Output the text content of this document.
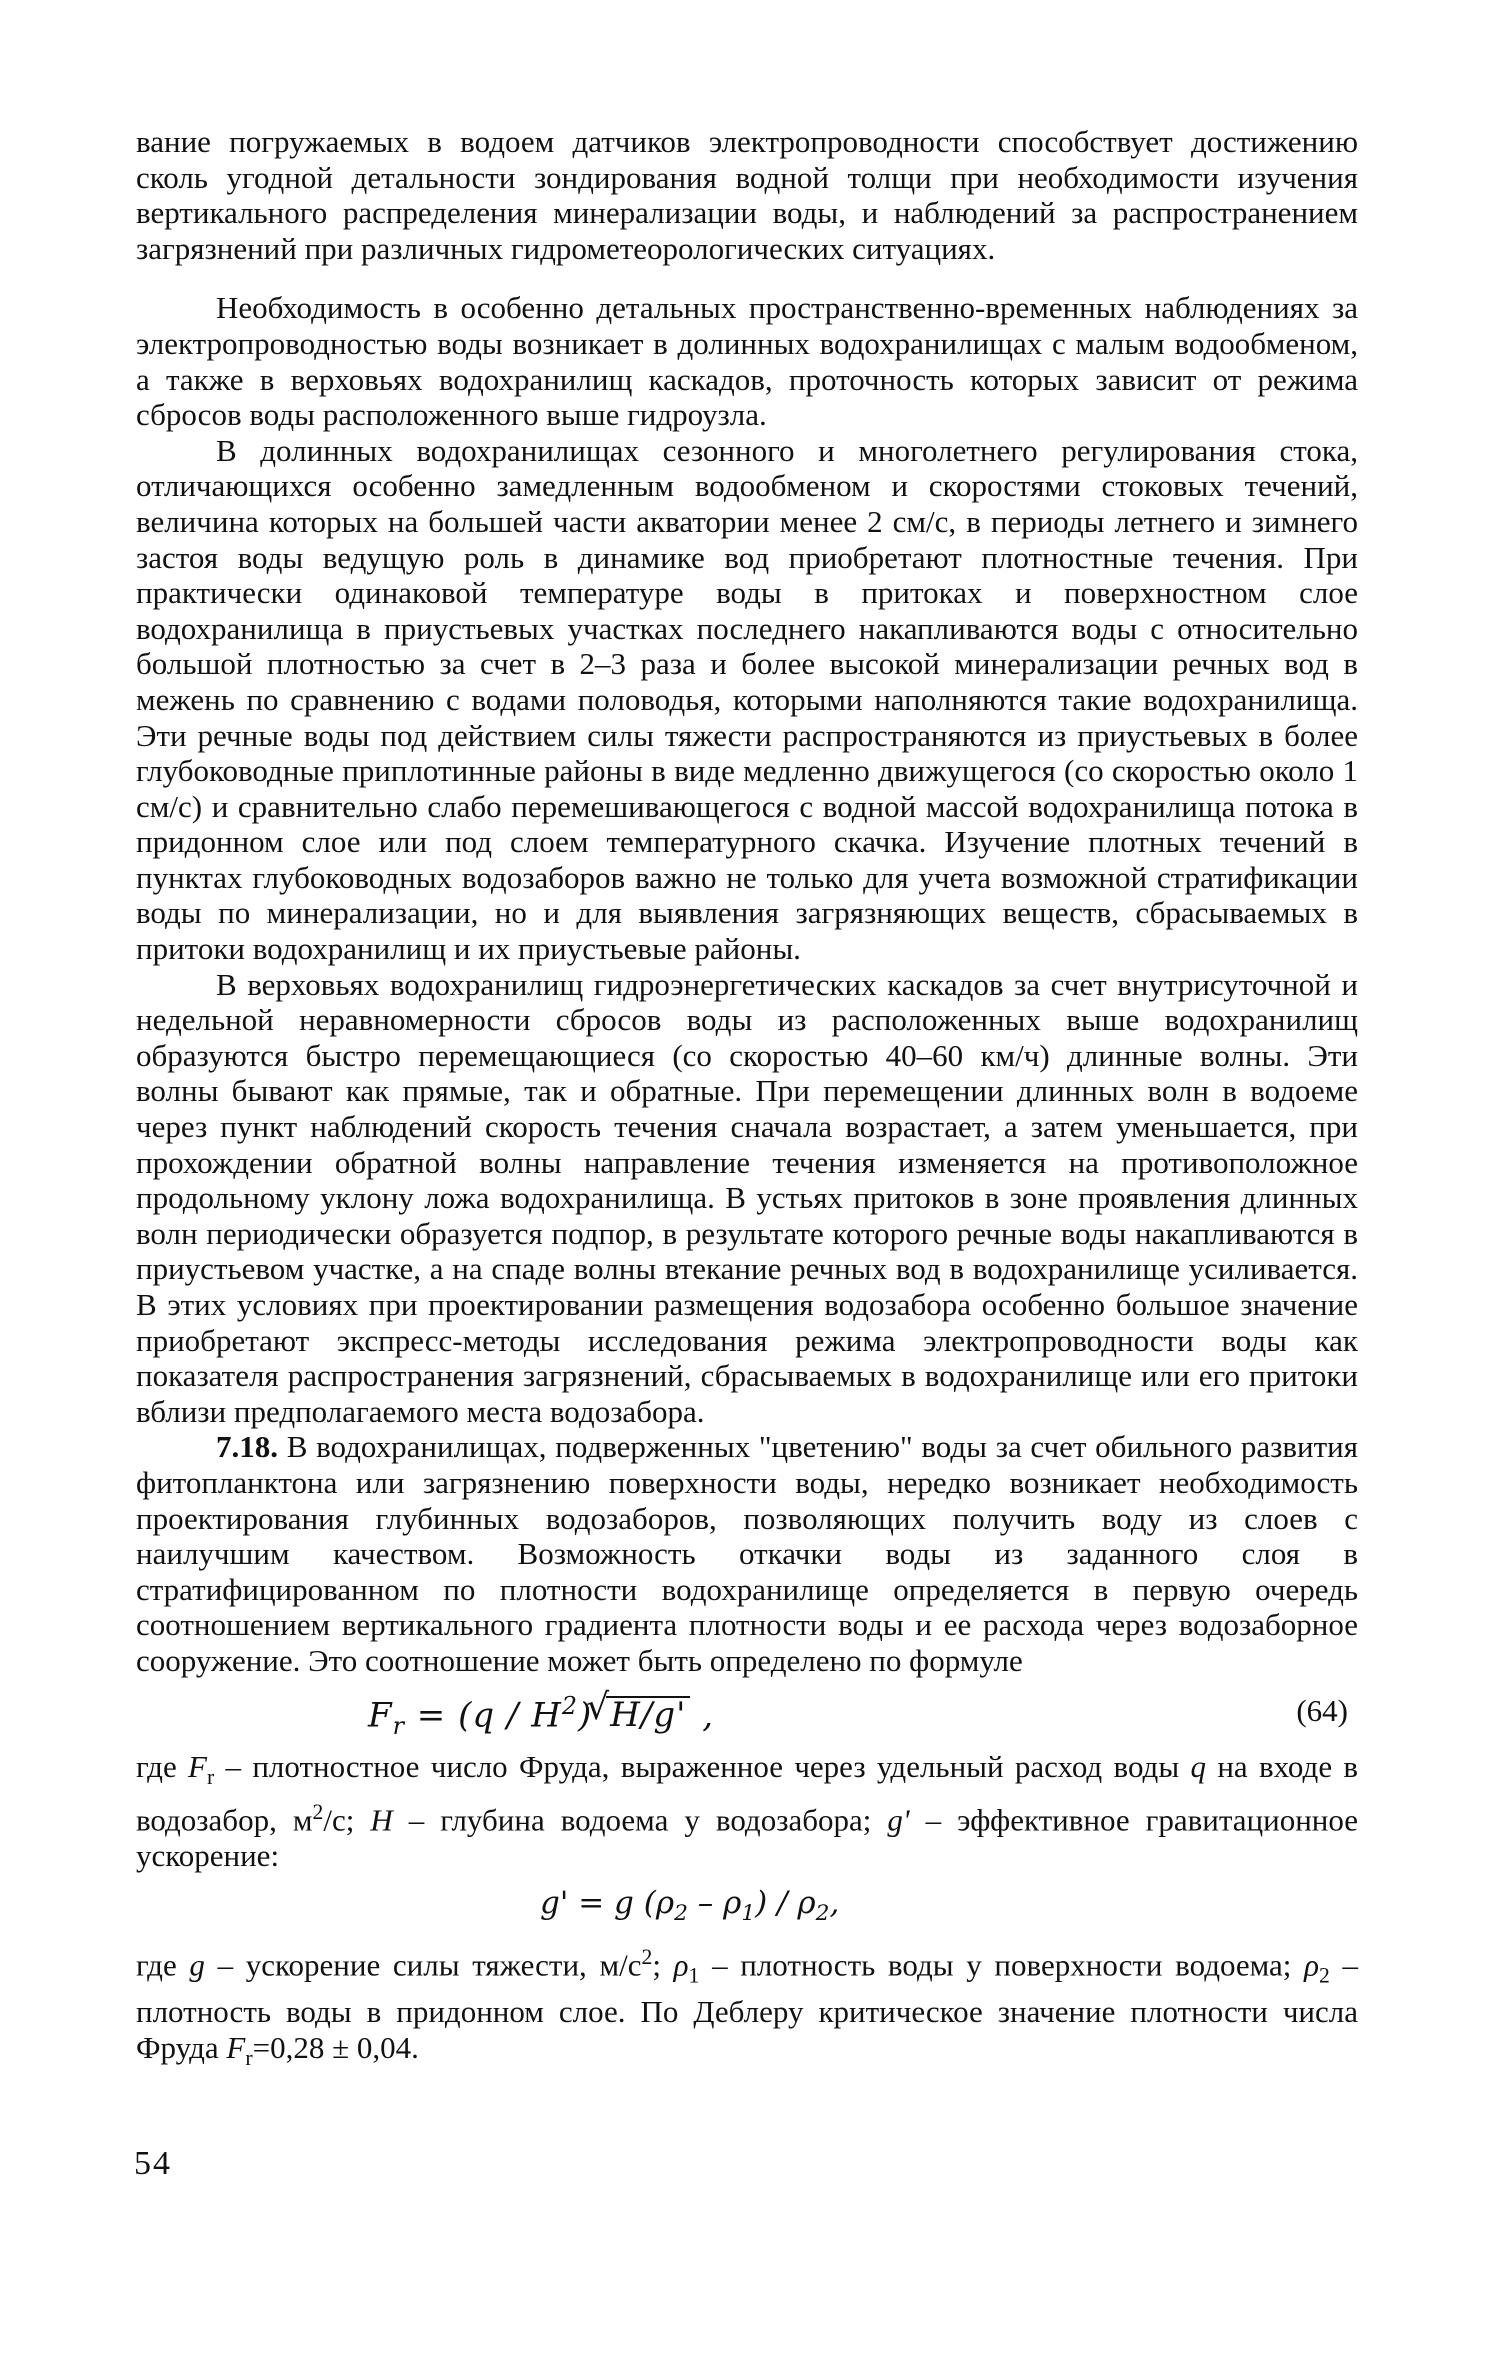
вание погружаемых в водоем датчиков электропроводности способствует достижению сколь угодной детальности зондирования водной толщи при необходимости изучения вертикального распределения минерализации воды, и наблюдений за распространением загрязнений при различных гидрометеорологических ситуациях.

Необходимость в особенно детальных пространственно-временных наблюдениях за электропроводностью воды возникает в долинных водохранилищах с малым водообменом, а также в верховьях водохранилищ каскадов, проточность которых зависит от режима сбросов воды расположенного выше гидроузла.

В долинных водохранилищах сезонного и многолетнего регулирования стока, отличающихся особенно замедленным водообменом и скоростями стоковых течений, величина которых на большей части акватории менее 2 см/с, в периоды летнего и зимнего застоя воды ведущую роль в динамике вод приобретают плотностные течения. При практически одинаковой температуре воды в притоках и поверхностном слое водохранилища в приустьевых участках последнего накапливаются воды с относительно большой плотностью за счет в 2–3 раза и более высокой минерализации речных вод в межень по сравнению с водами половодья, которыми наполняются такие водохранилища. Эти речные воды под действием силы тяжести распространяются из приустьевых в более глубоководные приплотинные районы в виде медленно движущегося (со скоростью около 1 см/с) и сравнительно слабо перемешивающегося с водной массой водохранилища потока в придонном слое или под слоем температурного скачка. Изучение плотных течений в пунктах глубоководных водозаборов важно не только для учета возможной стратификации воды по минерализации, но и для выявления загрязняющих веществ, сбрасываемых в притоки водохранилищ и их приустьевые районы.

В верховьях водохранилищ гидроэнергетических каскадов за счет внутрисуточной и недельной неравномерности сбросов воды из расположенных выше водохранилищ образуются быстро перемещающиеся (со скоростью 40–60 км/ч) длинные волны. Эти волны бывают как прямые, так и обратные. При перемещении длинных волн в водоеме через пункт наблюдений скорость течения сначала возрастает, а затем уменьшается, при прохождении обратной волны направление течения изменяется на противоположное продольному уклону ложа водохранилища. В устьях притоков в зоне проявления длинных волн периодически образуется подпор, в результате которого речные воды накапливаются в приустьевом участке, а на спаде волны втекание речных вод в водохранилище усиливается. В этих условиях при проектировании размещения водозабора особенно большое значение приобретают экспресс-методы исследования режима электропроводности воды как показателя распространения загрязнений, сбрасываемых в водохранилище или его притоки вблизи предполагаемого места водозабора.

7.18. В водохранилищах, подверженных "цветению" воды за счет обильного развития фитопланктона или загрязнению поверхности воды, нередко возникает необходимость проектирования глубинных водозаборов, позволяющих получить воду из слоев с наилучшим качеством. Возможность откачки воды из заданного слоя в стратифицированном по плотности водохранилище определяется в первую очередь соотношением вертикального градиента плотности воды и ее расхода через водозаборное сооружение. Это соотношение может быть определено по формуле

$F_r = (q / H^2)√$ H/g' ,	(64)

где $F_r$ – плотностное число Фруда, выраженное через удельный расход воды q на входе в водозабор, $м^2/с$; H – глубина водоема у водозабора; g' – эффективное гравитационное ускорение:

g' = g $(\rho_2 - \rho_1) / \rho_2$,

где g – ускорение силы тяжести, $м/с^2$; $\rho_1$ – плотность воды у поверхности водоема; $\rho_2$ – плотность воды в придонном слое. По Деблеру критическое значение плотности числа Фруда $F_r=0,28 \pm 0,04$.

54
